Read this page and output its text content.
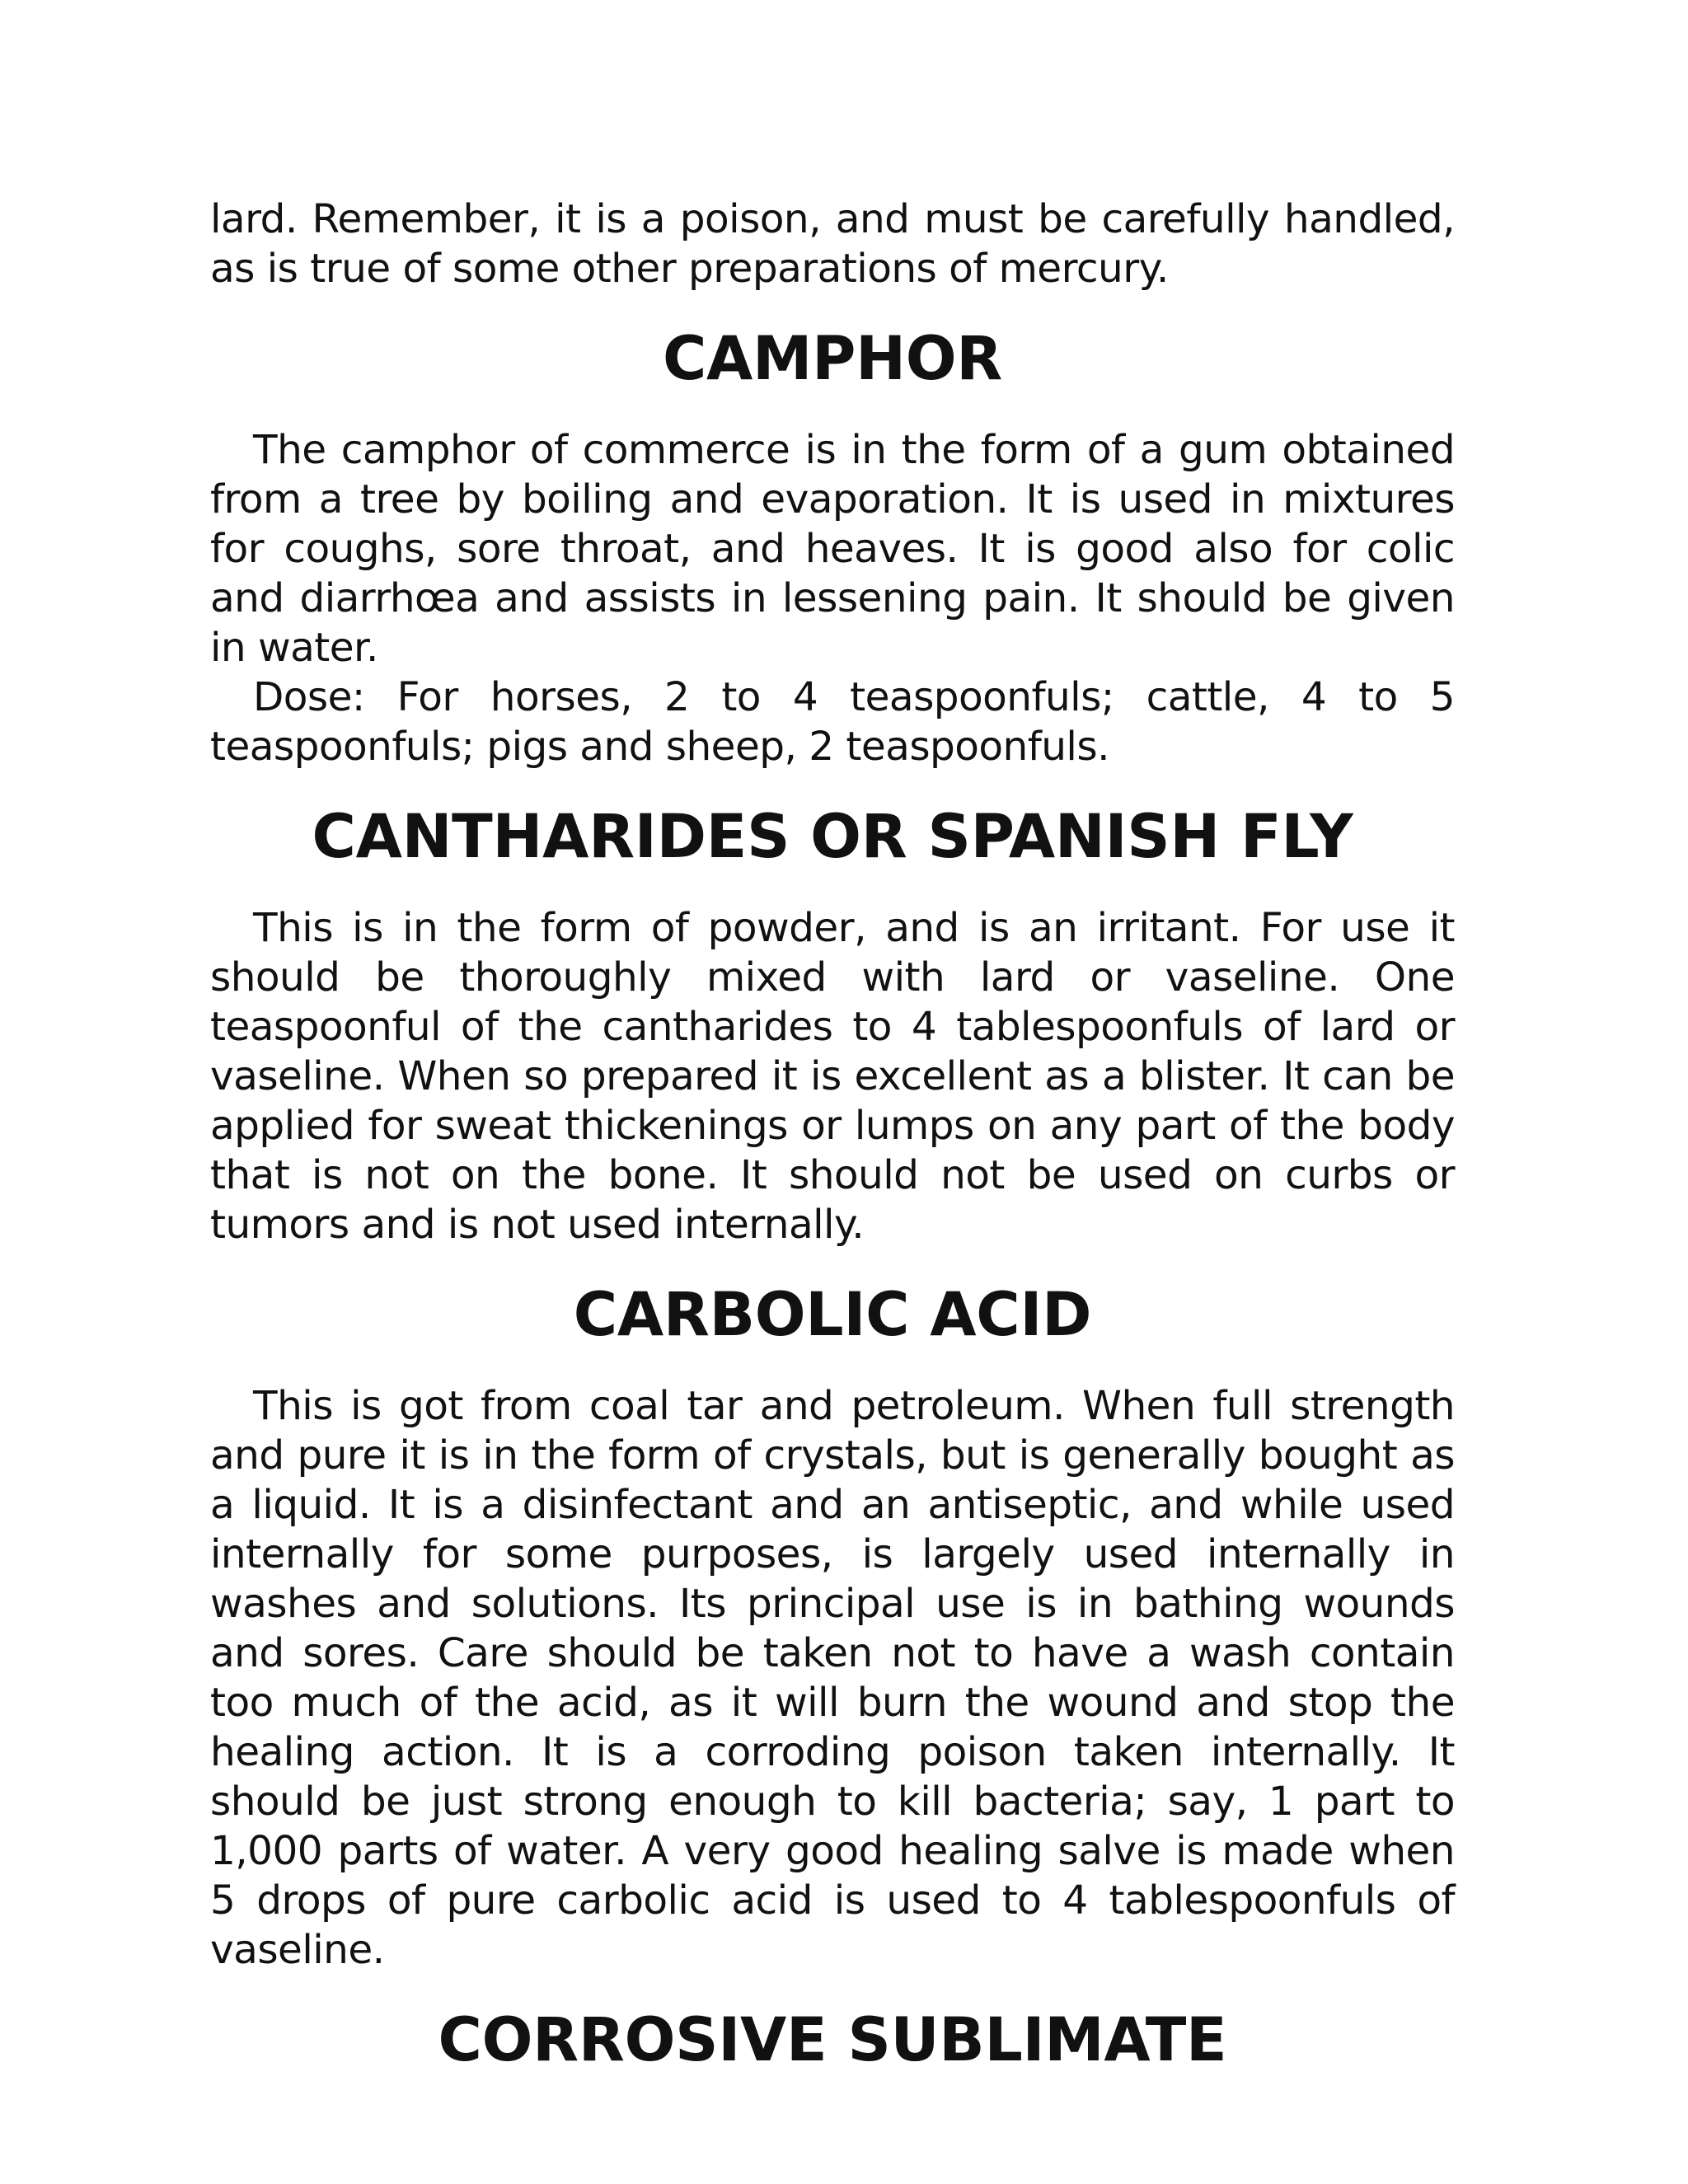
lard. Remember, it is a poison, and must be carefully handled, as is true of some other preparations of mercury.

CAMPHOR

The camphor of commerce is in the form of a gum obtained from a tree by boiling and evaporation. It is used in mixtures for coughs, sore throat, and heaves. It is good also for colic and diarrhœa and assists in lessening pain. It should be given in water.

Dose: For horses, 2 to 4 teaspoonfuls; cattle, 4 to 5 teaspoonfuls; pigs and sheep, 2 teaspoonfuls.

CANTHARIDES OR SPANISH FLY

This is in the form of powder, and is an irritant. For use it should be thoroughly mixed with lard or vaseline. One teaspoonful of the cantharides to 4 tablespoonfuls of lard or vaseline. When so prepared it is excellent as a blister. It can be applied for sweat thickenings or lumps on any part of the body that is not on the bone. It should not be used on curbs or tumors and is not used internally.

CARBOLIC ACID

This is got from coal tar and petroleum. When full strength and pure it is in the form of crystals, but is generally bought as a liquid. It is a disinfectant and an antiseptic, and while used internally for some purposes, is largely used internally in washes and solutions. Its principal use is in bathing wounds and sores. Care should be taken not to have a wash contain too much of the acid, as it will burn the wound and stop the healing action. It is a corroding poison taken internally. It should be just strong enough to kill bacteria; say, 1 part to 1,000 parts of water. A very good healing salve is made when 5 drops of pure carbolic acid is used to 4 tablespoonfuls of vaseline.

CORROSIVE SUBLIMATE
